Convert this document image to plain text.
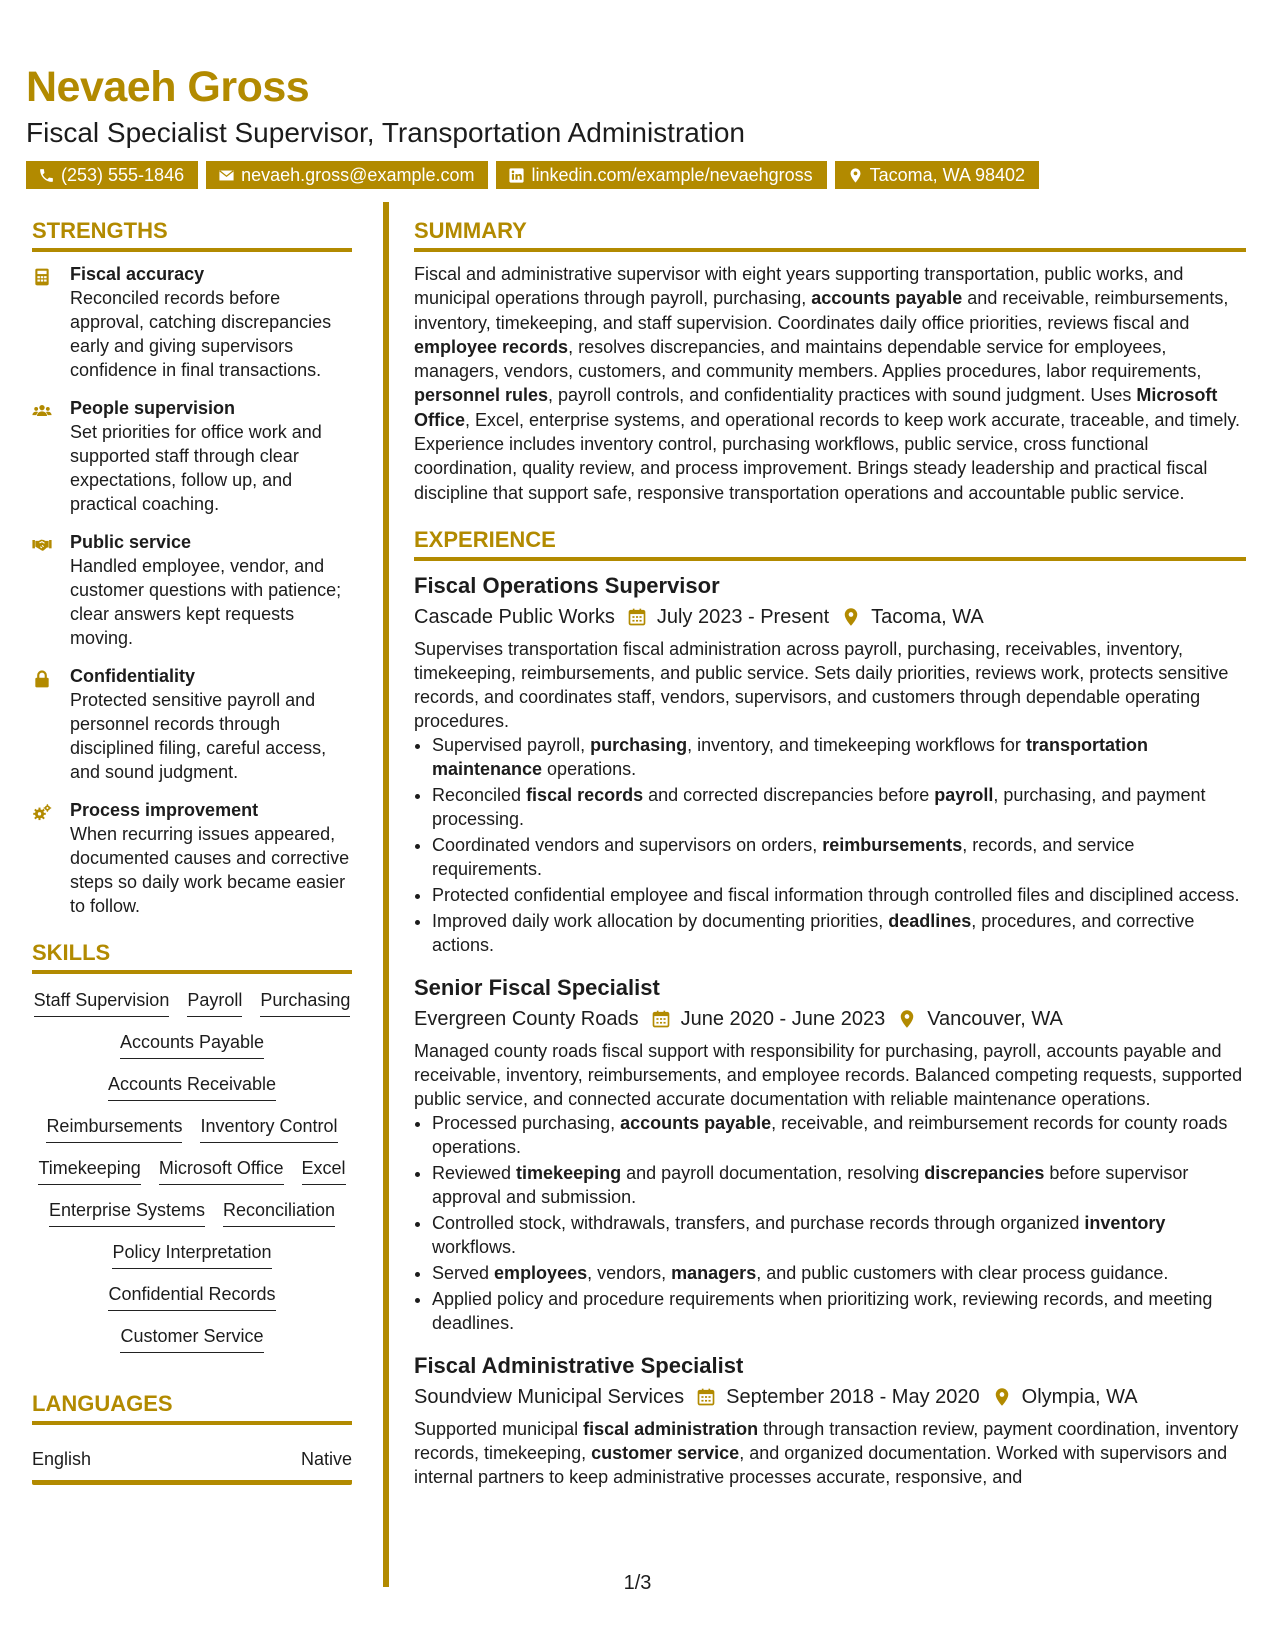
Nevaeh Gross
Fiscal Specialist Supervisor, Transportation Administration
(253) 555-1846	nevaeh.gross@example.com	linkedin.com/example/nevaehgross	Tacoma, WA 98402
STRENGTHS
Fiscal accuracy
Reconciled records before approval, catching discrepancies early and giving supervisors confidence in final transactions.
People supervision
Set priorities for office work and supported staff through clear expectations, follow up, and practical coaching.
Public service
Handled employee, vendor, and customer questions with patience; clear answers kept requests moving.
Confidentiality
Protected sensitive payroll and personnel records through disciplined filing, careful access, and sound judgment.
Process improvement
When recurring issues appeared, documented causes and corrective steps so daily work became easier to follow.
SKILLS
Staff Supervision Payroll Purchasing
Accounts Payable
Accounts Receivable
Reimbursements Inventory Control
Timekeeping Microsoft Office Excel
Enterprise Systems Reconciliation
Policy Interpretation
Confidential Records
Customer Service
LANGUAGES
English	Native
SUMMARY

Fiscal and administrative supervisor with eight years supporting transportation, public works, and municipal operations through payroll, purchasing, accounts payable and receivable, reimbursements, inventory, timekeeping, and staff supervision. Coordinates daily office priorities, reviews fiscal and employee records, resolves discrepancies, and maintains dependable service for employees, managers, vendors, customers, and community members. Applies procedures, labor requirements, personnel rules, payroll controls, and confidentiality practices with sound judgment. Uses Microsoft Office, Excel, enterprise systems, and operational records to keep work accurate, traceable, and timely. Experience includes inventory control, purchasing workflows, public service, cross functional coordination, quality review, and process improvement. Brings steady leadership and practical fiscal discipline that support safe, responsive transportation operations and accountable public service.

EXPERIENCE
Fiscal Operations Supervisor
Cascade Public Works July 2023 - Present Tacoma, WA

Supervises transportation fiscal administration across payroll, purchasing, receivables, inventory, timekeeping, reimbursements, and public service. Sets daily priorities, reviews work, protects sensitive records, and coordinates staff, vendors, supervisors, and customers through dependable operating procedures.

• Supervised payroll, purchasing, inventory, and timekeeping workflows for transportation maintenance operations.
• Reconciled fiscal records and corrected discrepancies before payroll, purchasing, and payment processing.
• Coordinated vendors and supervisors on orders, reimbursements, records, and service requirements.
• Protected confidential employee and fiscal information through controlled files and disciplined access.
• Improved daily work allocation by documenting priorities, deadlines, procedures, and corrective actions.
Senior Fiscal Specialist
Evergreen County Roads June 2020 - June 2023 Vancouver, WA

Managed county roads fiscal support with responsibility for purchasing, payroll, accounts payable and receivable, inventory, reimbursements, and employee records. Balanced competing requests, supported public service, and connected accurate documentation with reliable maintenance operations.

• Processed purchasing, accounts payable, receivable, and reimbursement records for county roads operations.
• Reviewed timekeeping and payroll documentation, resolving discrepancies before supervisor approval and submission.
• Controlled stock, withdrawals, transfers, and purchase records through organized inventory workflows.
• Served employees, vendors, managers, and public customers with clear process guidance.
• Applied policy and procedure requirements when prioritizing work, reviewing records, and meeting deadlines.
Fiscal Administrative Specialist
Soundview Municipal Services September 2018 - May 2020 Olympia, WA

Supported municipal fiscal administration through transaction review, payment coordination, inventory records, timekeeping, customer service, and organized documentation. Worked with supervisors and internal partners to keep administrative processes accurate, responsive, and

1/3
